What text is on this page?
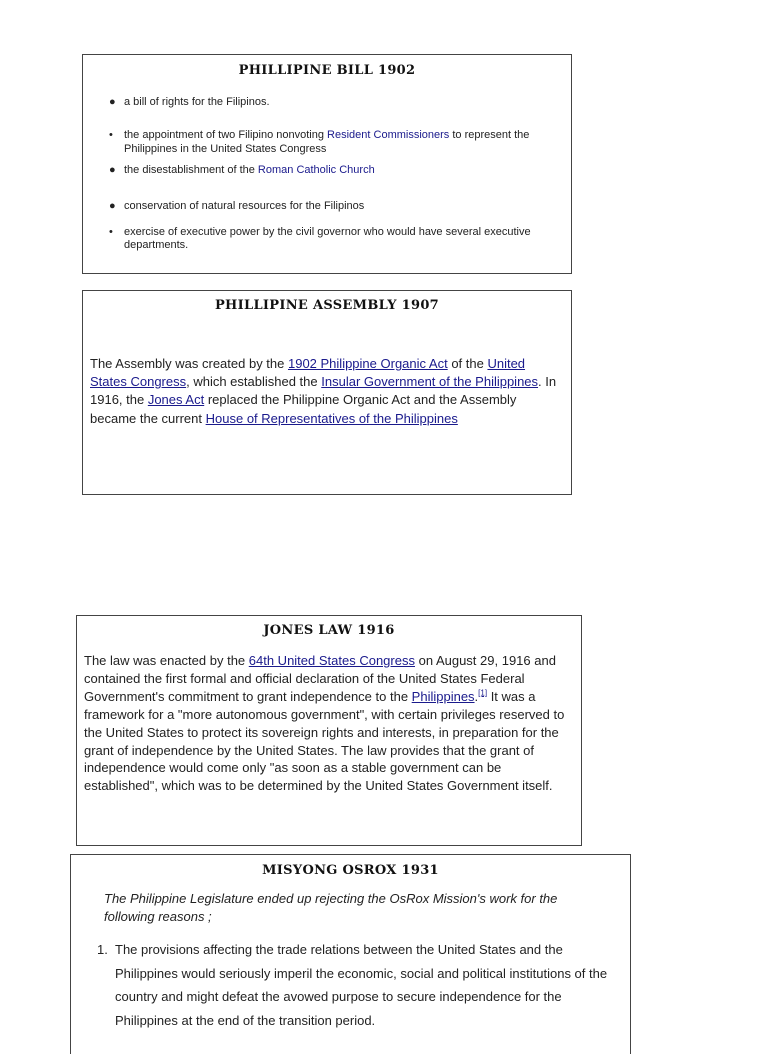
PHILLIPINE BILL 1902
● a bill of rights for the Filipinos.
• the appointment of two Filipino nonvoting Resident Commissioners to represent the Philippines in the United States Congress
● the disestablishment of the Roman Catholic Church
● conservation of natural resources for the Filipinos
• exercise of executive power by the civil governor who would have several executive departments.
PHILLIPINE ASSEMBLY 1907
The Assembly was created by the 1902 Philippine Organic Act of the United States Congress, which established the Insular Government of the Philippines. In 1916, the Jones Act replaced the Philippine Organic Act and the Assembly became the current House of Representatives of the Philippines
JONES LAW 1916
The law was enacted by the 64th United States Congress on August 29, 1916 and contained the first formal and official declaration of the United States Federal Government's commitment to grant independence to the Philippines.[1] It was a framework for a "more autonomous government", with certain privileges reserved to the United States to protect its sovereign rights and interests, in preparation for the grant of independence by the United States. The law provides that the grant of independence would come only "as soon as a stable government can be established", which was to be determined by the United States Government itself.
MISYONG OSROX 1931
The Philippine Legislature ended up rejecting the OsRox Mission's work for the following reasons ;
1. The provisions affecting the trade relations between the United States and the Philippines would seriously imperil the economic, social and political institutions of the country and might defeat the avowed purpose to secure independence for the Philippines at the end of the transition period.
